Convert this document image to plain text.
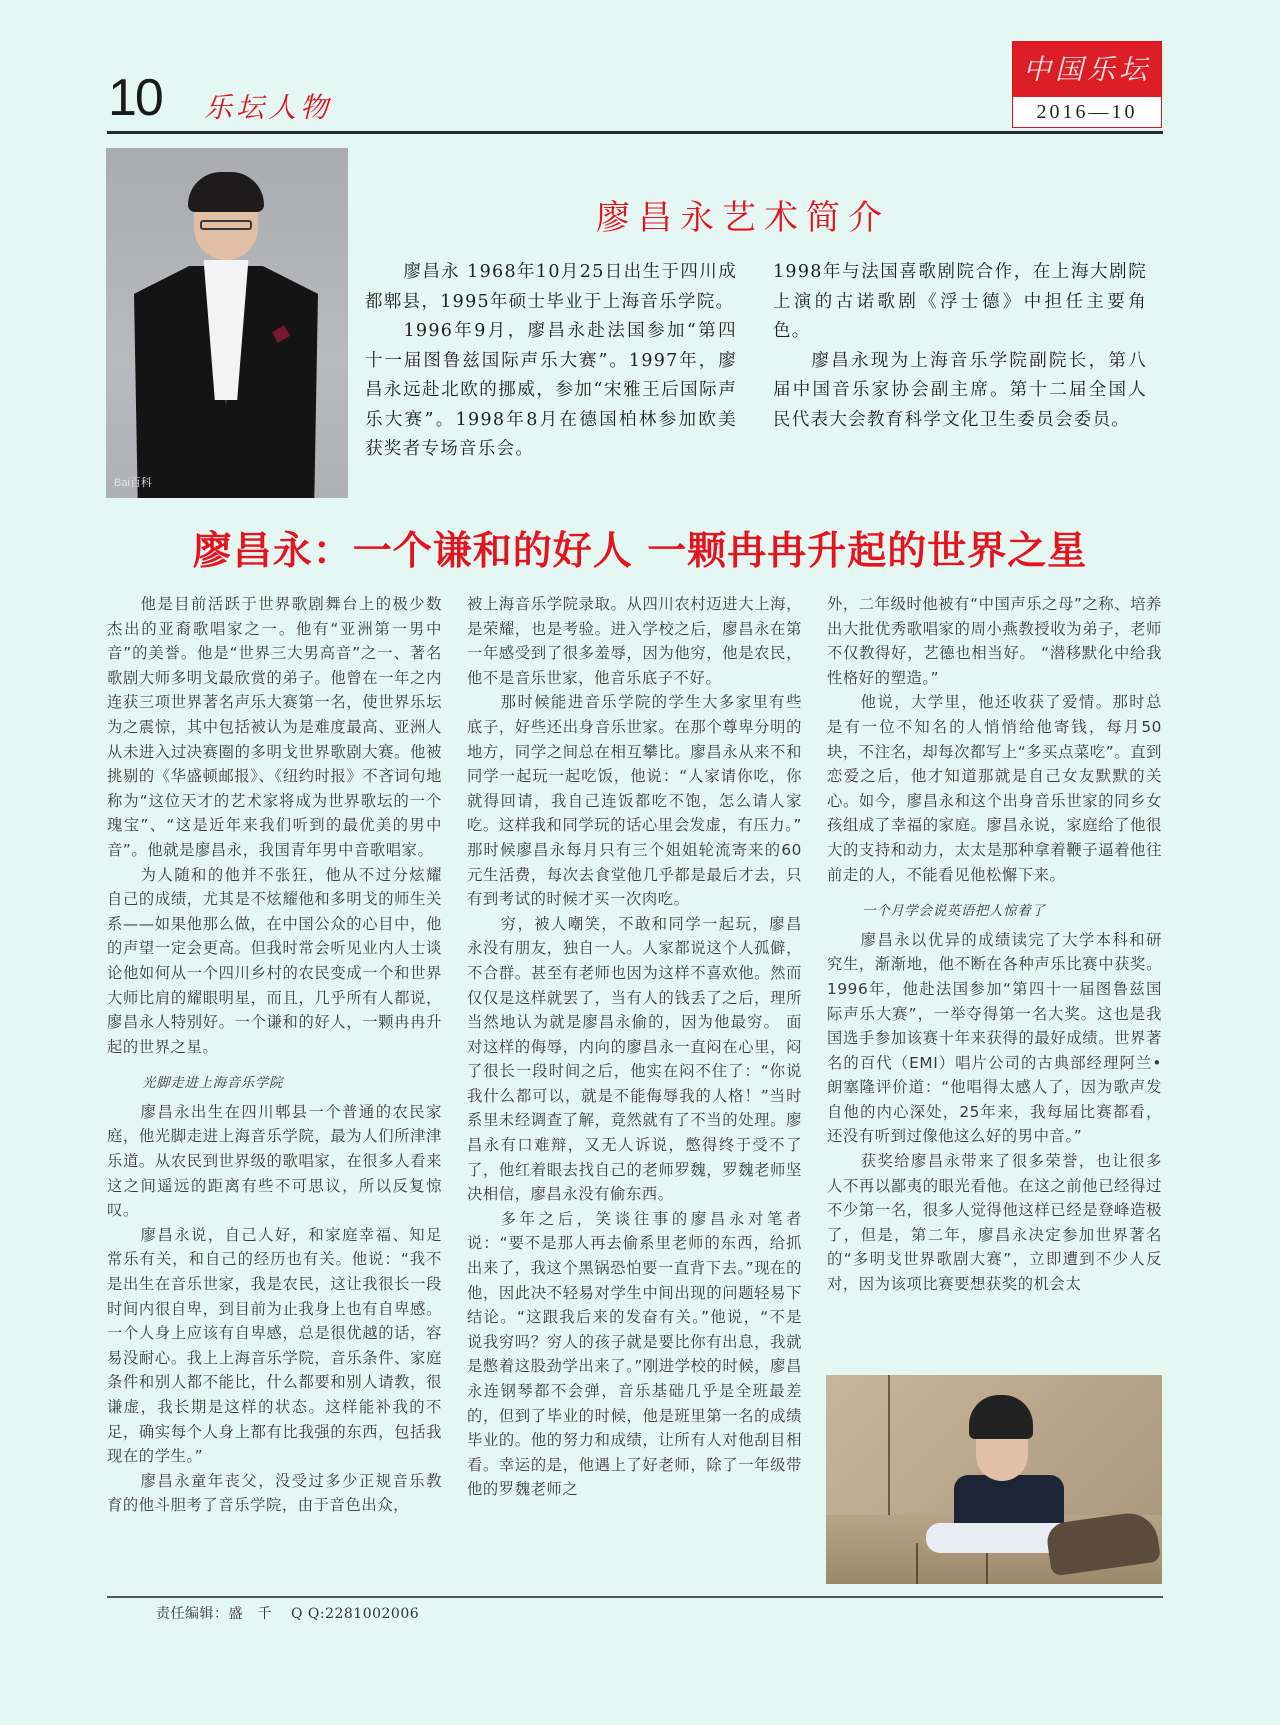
10 乐坛人物
中国乐坛
2016—10
Bai百科
廖昌永艺术简介

廖昌永 1968年10月25日出生于四川成都郫县，1995年硕士毕业于上海音乐学院。

1996年9月，廖昌永赴法国参加“第四十一届图鲁兹国际声乐大赛”。1997年，廖昌永远赴北欧的挪威，参加“宋雅王后国际声乐大赛”。1998年8月在德国柏林参加欧美获奖者专场音乐会。

1998年与法国喜歌剧院合作，在上海大剧院上演的古诺歌剧《浮士德》中担任主要角色。

廖昌永现为上海音乐学院副院长，第八届中国音乐家协会副主席。第十二届全国人民代表大会教育科学文化卫生委员会委员。

廖昌永：一个谦和的好人 一颗冉冉升起的世界之星

他是目前活跃于世界歌剧舞台上的极少数杰出的亚裔歌唱家之一。他有“亚洲第一男中音”的美誉。他是“世界三大男高音”之一、著名歌剧大师多明戈最欣赏的弟子。他曾在一年之内连获三项世界著名声乐大赛第一名，使世界乐坛为之震惊，其中包括被认为是难度最高、亚洲人从未进入过决赛圈的多明戈世界歌剧大赛。他被挑剔的《华盛顿邮报》、《纽约时报》不吝词句地称为“这位天才的艺术家将成为世界歌坛的一个瑰宝”、“这是近年来我们听到的最优美的男中音”。他就是廖昌永，我国青年男中音歌唱家。

为人随和的他并不张狂，他从不过分炫耀自己的成绩，尤其是不炫耀他和多明戈的师生关系——如果他那么做，在中国公众的心目中，他的声望一定会更高。但我时常会听见业内人士谈论他如何从一个四川乡村的农民变成一个和世界大师比肩的耀眼明星，而且，几乎所有人都说，廖昌永人特别好。一个谦和的好人，一颗冉冉升起的世界之星。

光脚走进上海音乐学院

廖昌永出生在四川郫县一个普通的农民家庭，他光脚走进上海音乐学院，最为人们所津津乐道。从农民到世界级的歌唱家，在很多人看来这之间遥远的距离有些不可思议，所以反复惊叹。

廖昌永说，自己人好，和家庭幸福、知足常乐有关，和自己的经历也有关。他说：“我不是出生在音乐世家，我是农民，这让我很长一段时间内很自卑，到目前为止我身上也有自卑感。一个人身上应该有自卑感，总是很优越的话，容易没耐心。我上上海音乐学院，音乐条件、家庭条件和别人都不能比，什么都要和别人请教，很谦虚，我长期是这样的状态。这样能补我的不足，确实每个人身上都有比我强的东西，包括我现在的学生。”

廖昌永童年丧父，没受过多少正规音乐教育的他斗胆考了音乐学院，由于音色出众，

被上海音乐学院录取。从四川农村迈进大上海，是荣耀，也是考验。进入学校之后，廖昌永在第一年感受到了很多羞辱，因为他穷，他是农民，他不是音乐世家，他音乐底子不好。

那时候能进音乐学院的学生大多家里有些底子，好些还出身音乐世家。在那个尊卑分明的地方，同学之间总在相互攀比。廖昌永从来不和同学一起玩一起吃饭，他说：“人家请你吃，你就得回请，我自己连饭都吃不饱，怎么请人家吃。这样我和同学玩的话心里会发虚，有压力。” 那时候廖昌永每月只有三个姐姐轮流寄来的60元生活费，每次去食堂他几乎都是最后才去，只有到考试的时候才买一次肉吃。

穷，被人嘲笑，不敢和同学一起玩，廖昌永没有朋友，独自一人。人家都说这个人孤僻，不合群。甚至有老师也因为这样不喜欢他。然而仅仅是这样就罢了，当有人的钱丢了之后，理所当然地认为就是廖昌永偷的，因为他最穷。 面对这样的侮辱，内向的廖昌永一直闷在心里，闷了很长一段时间之后，他实在闷不住了：“你说我什么都可以，就是不能侮辱我的人格！”当时系里未经调查了解，竟然就有了不当的处理。廖昌永有口难辩，又无人诉说，憋得终于受不了了，他红着眼去找自己的老师罗魏，罗魏老师坚决相信，廖昌永没有偷东西。

多年之后，笑谈往事的廖昌永对笔者说：“要不是那人再去偷系里老师的东西，给抓出来了，我这个黑锅恐怕要一直背下去。”现在的他，因此决不轻易对学生中间出现的问题轻易下结论。“这跟我后来的发奋有关。”他说，“不是说我穷吗？穷人的孩子就是要比你有出息，我就是憋着这股劲学出来了。”刚进学校的时候，廖昌永连钢琴都不会弹，音乐基础几乎是全班最差的，但到了毕业的时候，他是班里第一名的成绩毕业的。他的努力和成绩，让所有人对他刮目相看。幸运的是，他遇上了好老师，除了一年级带他的罗魏老师之

外，二年级时他被有“中国声乐之母”之称、培养出大批优秀歌唱家的周小燕教授收为弟子，老师不仅教得好，艺德也相当好。 “潜移默化中给我性格好的塑造。”

他说，大学里，他还收获了爱情。那时总是有一位不知名的人悄悄给他寄钱，每月50块，不注名，却每次都写上“多买点菜吃”。直到恋爱之后，他才知道那就是自己女友默默的关心。如今，廖昌永和这个出身音乐世家的同乡女孩组成了幸福的家庭。廖昌永说，家庭给了他很大的支持和动力，太太是那种拿着鞭子逼着他往前走的人，不能看见他松懈下来。

一个月学会说英语把人惊着了

廖昌永以优异的成绩读完了大学本科和研究生，渐渐地，他不断在各种声乐比赛中获奖。1996年，他赴法国参加“第四十一届图鲁兹国际声乐大赛”，一举夺得第一名大奖。这也是我国选手参加该赛十年来获得的最好成绩。世界著名的百代（EMI）唱片公司的古典部经理阿兰•朗塞隆评价道：“他唱得太感人了，因为歌声发自他的内心深处，25年来，我每届比赛都看，还没有听到过像他这么好的男中音。”

获奖给廖昌永带来了很多荣誉，也让很多人不再以鄙夷的眼光看他。在这之前他已经得过不少第一名，很多人觉得他这样已经是登峰造极了，但是，第二年，廖昌永决定参加世界著名的“多明戈世界歌剧大赛”，立即遭到不少人反对，因为该项比赛要想获奖的机会太

责任编辑：盛　千 Q Q:2281002006
